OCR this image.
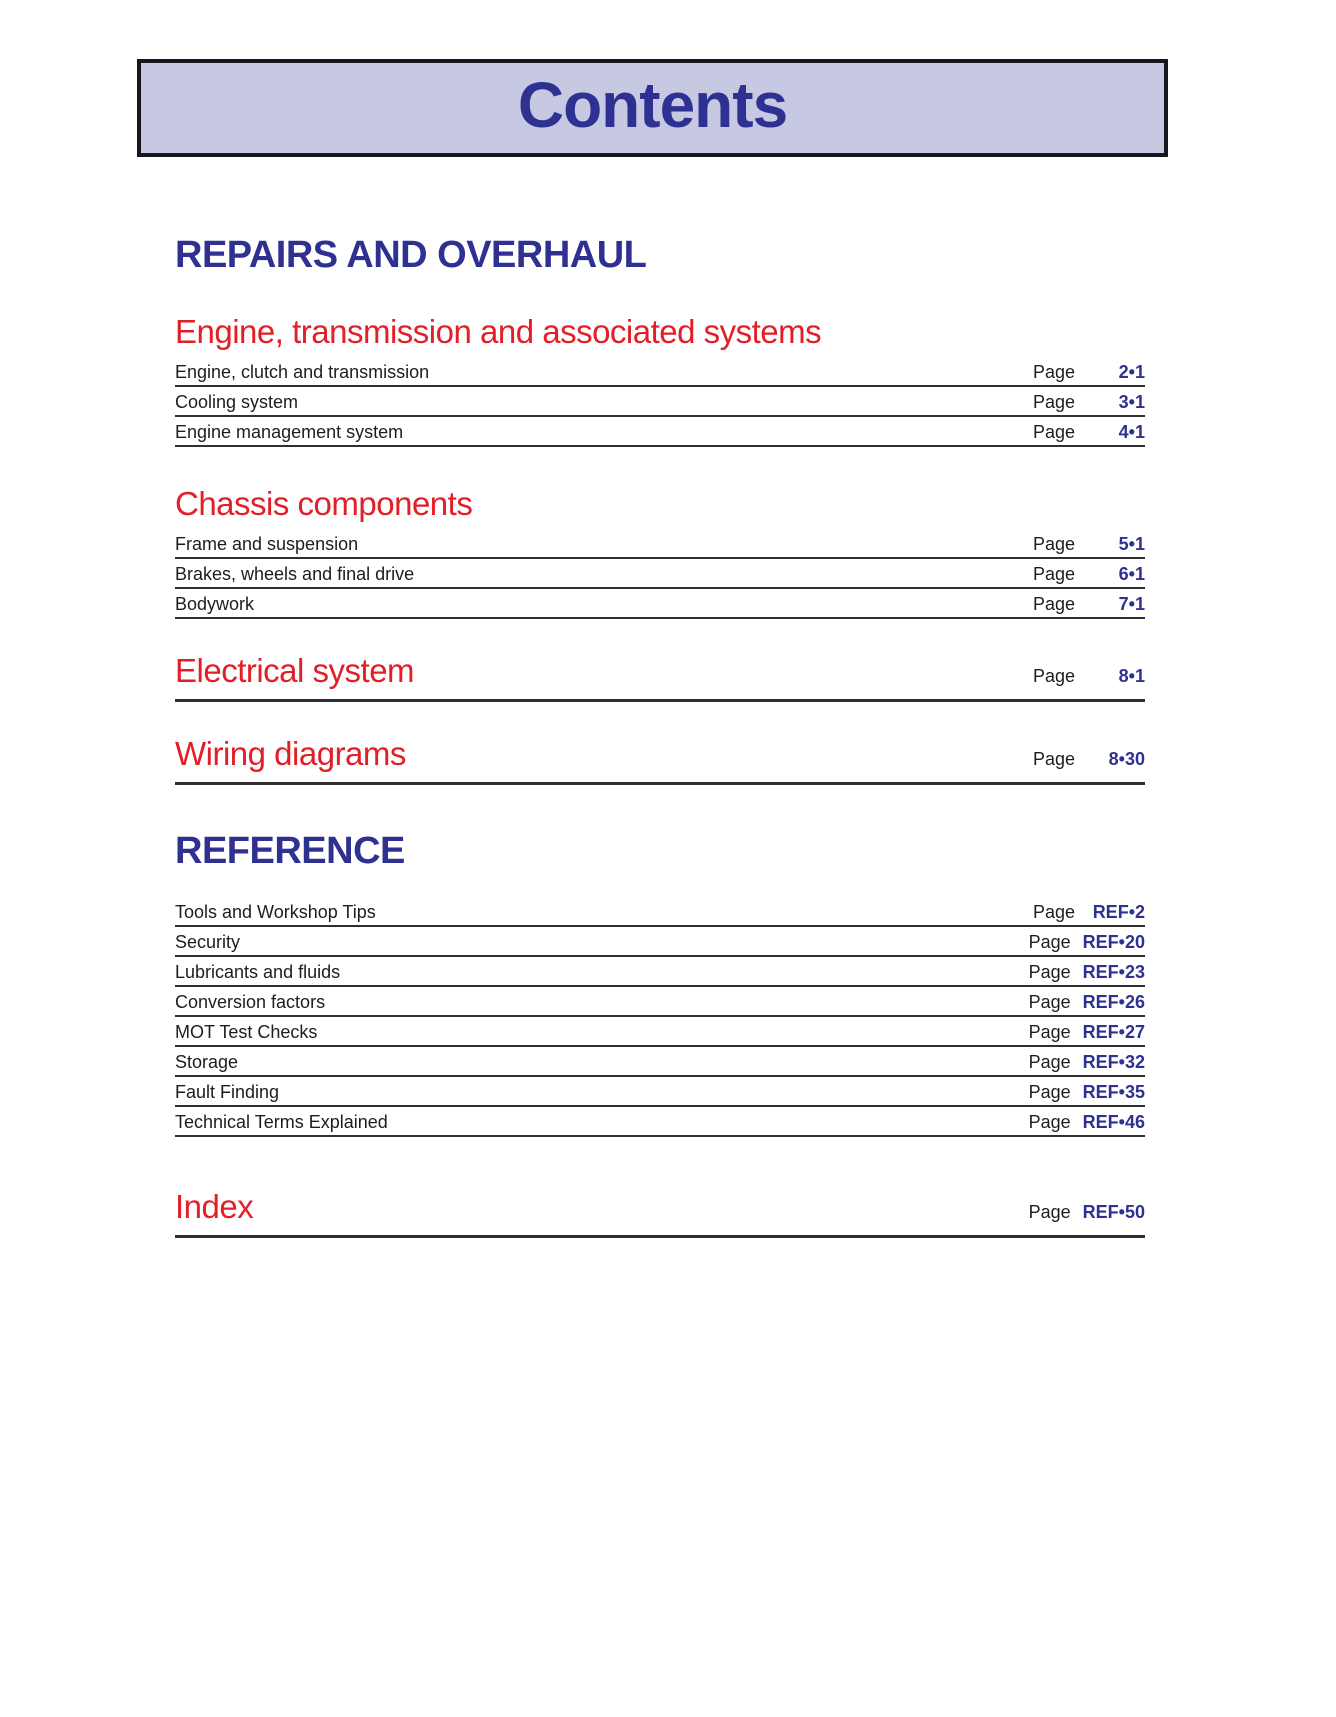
Contents
REPAIRS AND OVERHAUL
Engine, transmission and associated systems
Engine, clutch and transmission	Page	2•1
Cooling system	Page	3•1
Engine management system	Page	4•1
Chassis components
Frame and suspension	Page	5•1
Brakes, wheels and final drive	Page	6•1
Bodywork	Page	7•1
Electrical system	Page	8•1
Wiring diagrams	Page	8•30
REFERENCE
Tools and Workshop Tips	Page REF•2
Security	Page REF•20
Lubricants and fluids	Page REF•23
Conversion factors	Page REF•26
MOT Test Checks	Page REF•27
Storage	Page REF•32
Fault Finding	Page REF•35
Technical Terms Explained	Page REF•46
Index	Page REF•50
